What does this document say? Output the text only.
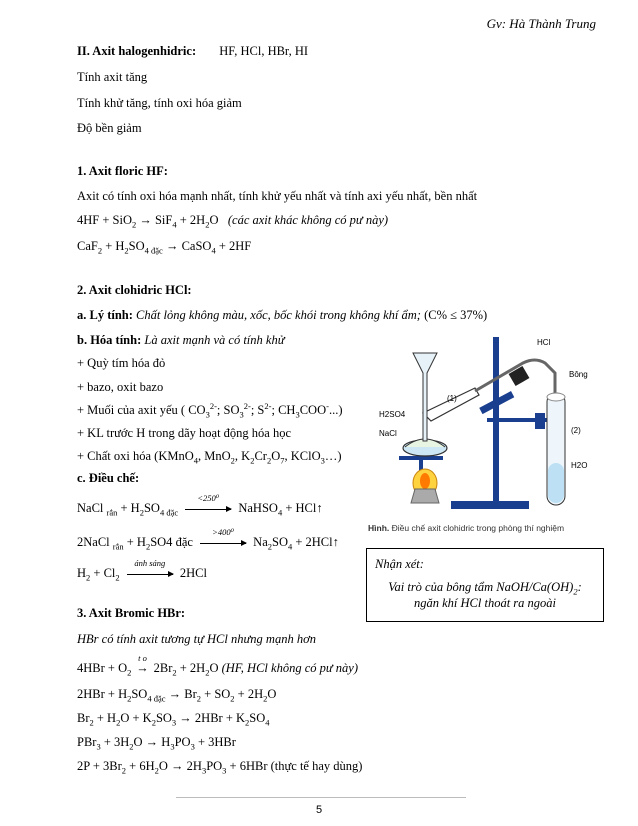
Gv: Hà Thành Trung
II. Axit halogenhidric: HF, HCl, HBr, HI
Tính axit tăng
Tính khử tăng, tính oxi hóa giảm
Độ bền giảm
1. Axit floric HF:
Axit có tính oxi hóa mạnh nhất, tính khử yếu nhất và tính axi yếu nhất, bền nhất
$4HF + SiO_2 \to SiF_4 + 2H_2O$   (các axit khác không có pư này)
$CaF_2 + H_2SO_{4 đặc}$ → CaSO$_4$ + 2HF
2. Axit clohidric HCl:
a. Lý tính: Chất lỏng không màu, xốc, bốc khói trong không khí ẩm; (C% ≤ 37%)
b. Hóa tính: Là axit mạnh và có tính khử
+ Quỳ tím hóa đỏ
+ bazo, oxit bazo
+ Muối của axit yếu ( $CO_3^{2-}$; $SO_3^{2-}$; $S^{2-}$; $CH_3COO^-$...)
+ KL trước H trong dãy hoạt động hóa học
+ Chất oxi hóa (KMnO$_4$, MnO$_2$, $K_2Cr_2O_7$, KClO$_3$…)
c. Điều chế:
NaCl $_{rắn} + H_2SO_{4 đặc}$
<250⁰
NaHSO$_4$ + HCl↑
2NaCl $_{rắn} + H_2SO4$ đặc
>400⁰
$Na_2SO_4$ + 2HCl↑
$H_2 + Cl_2$
ánh sáng
2HCl
HCl
Bông
H2SO4
NaCl
(1)
(2)
H2O
Hình. Điều chế axit clohidric trong phòng thí nghiệm
Nhận xét:
Vai trò của bông tẩm NaOH/$Ca(OH)_2$:
ngăn khí HCl thoát ra ngoài
3. Axit Bromic HBr:
HBr có tính axit tương tự HCl nhưng mạnh hơn
$4HBr + O_2$
t o
→ $2Br_2 + 2H_2O$ (HF, HCl không có pư này)
$2HBr + H_2SO_{4 đặc} \to Br_2 + SO_2 + 2H_2O$
$Br_2 + H_2O + K_2SO_3 \to 2HBr + K_2SO_4$
$PBr_3 + 3H_2O \to H_3PO_3 + 3HBr$
$2P + 3Br_2 + 6H_2O \to 2H_3PO_3 + 6HBr$ (thực tế hay dùng)
5
